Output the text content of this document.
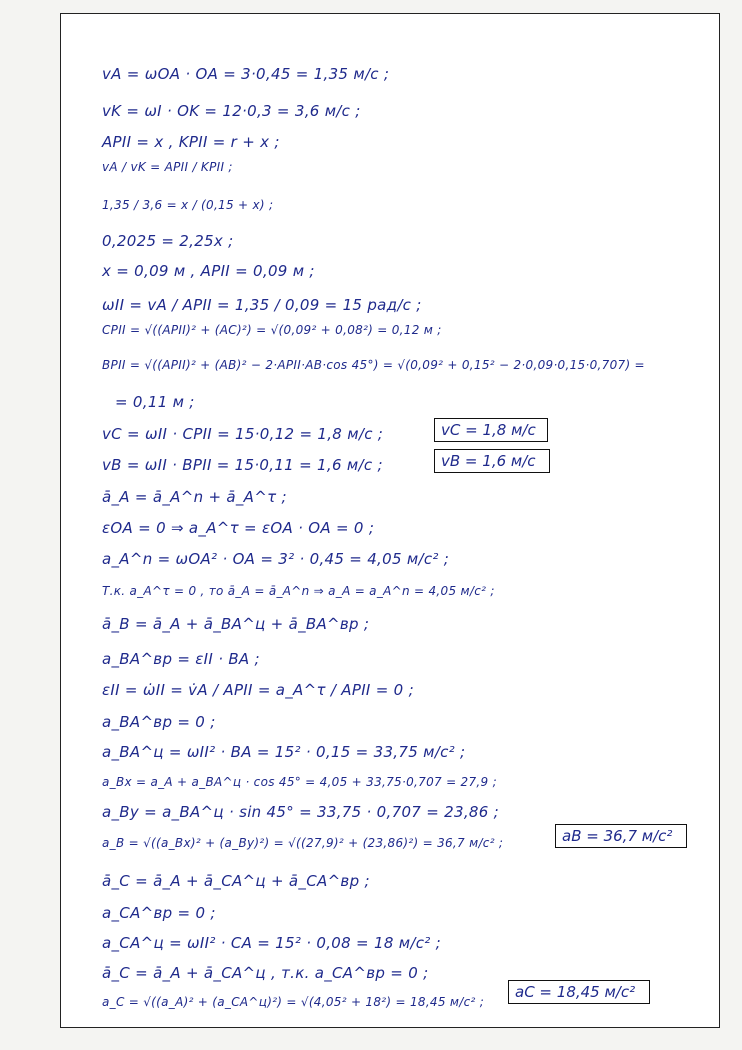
vA = ωOA · OA = 3·0,45 = 1,35 м/с ;
vK = ωI · OK = 12·0,3 = 3,6 м/с ;
APII = x , KPII = r + x ;
vA / vK = APII / KPII ;
1,35 / 3,6 = x / (0,15 + x) ;
0,2025 = 2,25x ;
x = 0,09 м , APII = 0,09 м ;
ωII = vA / APII = 1,35 / 0,09 = 15 рад/с ;
CPII = √((APII)² + (AC)²) = √(0,09² + 0,08²) = 0,12 м ;
BPII = √((APII)² + (AB)² − 2·APII·AB·cos 45°) = √(0,09² + 0,15² − 2·0,09·0,15·0,707) =
= 0,11 м ;
vC = ωII · CPII = 15·0,12 = 1,8 м/с ;
vB = ωII · BPII = 15·0,11 = 1,6 м/с ;
ā_A = ā_A^n + ā_A^τ ;
εOA = 0 ⇒ a_A^τ = εOA · OA = 0 ;
a_A^n = ωOA² · OA = 3² · 0,45 = 4,05 м/с² ;
Т.к. a_A^τ = 0 , то ā_A = ā_A^n ⇒ a_A = a_A^n = 4,05 м/с² ;
ā_B = ā_A + ā_BA^ц + ā_BA^вр ;
a_BA^вр = εII · BA ;
εII = ω̇II = v̇A / APII = a_A^τ / APII = 0 ;
a_BA^вр = 0 ;
a_BA^ц = ωII² · BA = 15² · 0,15 = 33,75 м/с² ;
a_Bx = a_A + a_BA^ц · cos 45° = 4,05 + 33,75·0,707 = 27,9 ;
a_By = a_BA^ц · sin 45° = 33,75 · 0,707 = 23,86 ;
a_B = √((a_Bx)² + (a_By)²) = √((27,9)² + (23,86)²) = 36,7 м/с² ;
ā_C = ā_A + ā_CA^ц + ā_CA^вр ;
a_CA^вр = 0 ;
a_CA^ц = ωII² · CA = 15² · 0,08 = 18 м/с² ;
ā_C = ā_A + ā_CA^ц , т.к. a_CA^вр = 0 ;
a_C = √((a_A)² + (a_CA^ц)²) = √(4,05² + 18²) = 18,45 м/с² ;
vC = 1,8 м/с
vB = 1,6 м/с
aB = 36,7 м/с²
aC = 18,45 м/с²
